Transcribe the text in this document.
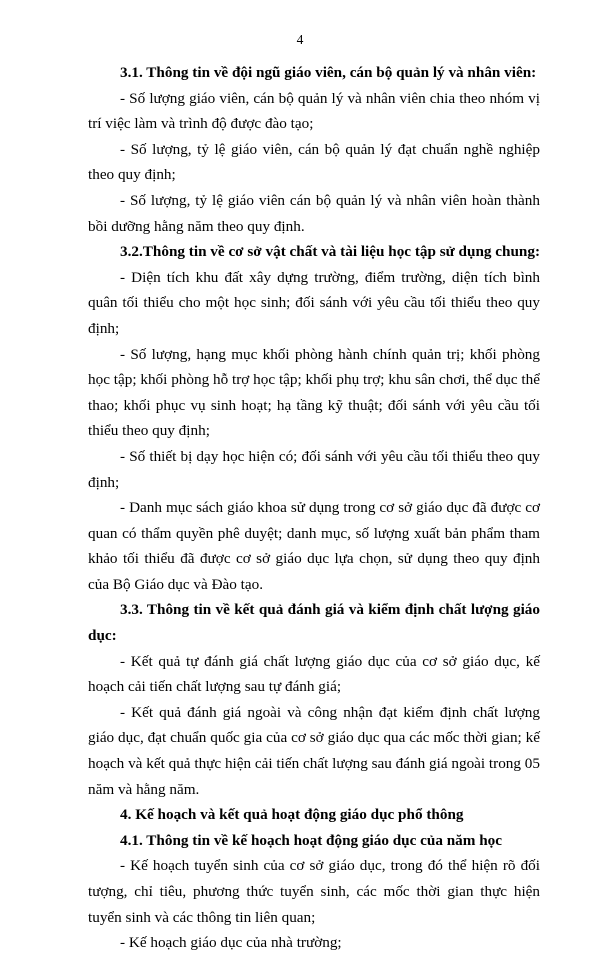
4

3.1. Thông tin về đội ngũ giáo viên, cán bộ quản lý và nhân viên:

- Số lượng giáo viên, cán bộ quản lý và nhân viên chia theo nhóm vị trí việc làm và trình độ được đào tạo;

- Số lượng, tỷ lệ giáo viên, cán bộ quản lý đạt chuẩn nghề nghiệp theo quy định;

- Số lượng, tỷ lệ giáo viên cán bộ quản lý và nhân viên hoàn thành bồi dưỡng hằng năm theo quy định.

3.2.Thông tin về cơ sở vật chất và tài liệu học tập sử dụng chung:

- Diện tích khu đất xây dựng trường, điểm trường, diện tích bình quân tối thiểu cho một học sinh; đối sánh với yêu cầu tối thiểu theo quy định;

- Số lượng, hạng mục khối phòng hành chính quản trị; khối phòng học tập; khối phòng hỗ trợ học tập; khối phụ trợ; khu sân chơi, thể dục thể thao; khối phục vụ sinh hoạt; hạ tầng kỹ thuật; đối sánh với yêu cầu tối thiểu theo quy định;

- Số thiết bị dạy học hiện có; đối sánh với yêu cầu tối thiểu theo quy định;

- Danh mục sách giáo khoa sử dụng trong cơ sở giáo dục đã được cơ quan có thẩm quyền phê duyệt; danh mục, số lượng xuất bản phẩm tham khảo tối thiểu đã được cơ sở giáo dục lựa chọn, sử dụng theo quy định của Bộ Giáo dục và Đào tạo.

3.3. Thông tin về kết quả đánh giá và kiểm định chất lượng giáo dục:

- Kết quả tự đánh giá chất lượng giáo dục của cơ sở giáo dục, kế hoạch cải tiến chất lượng sau tự đánh giá;

- Kết quả đánh giá ngoài và công nhận đạt kiểm định chất lượng giáo dục, đạt chuẩn quốc gia của cơ sở giáo dục qua các mốc thời gian; kế hoạch và kết quả thực hiện cải tiến chất lượng sau đánh giá ngoài trong 05 năm và hằng năm.

4. Kế hoạch và kết quả hoạt động giáo dục phổ thông

4.1. Thông tin về kế hoạch hoạt động giáo dục của năm học

- Kế hoạch tuyển sinh của cơ sở giáo dục, trong đó thể hiện rõ đối tượng, chỉ tiêu, phương thức tuyển sinh, các mốc thời gian thực hiện tuyển sinh và các thông tin liên quan;

- Kế hoạch giáo dục của nhà trường;
